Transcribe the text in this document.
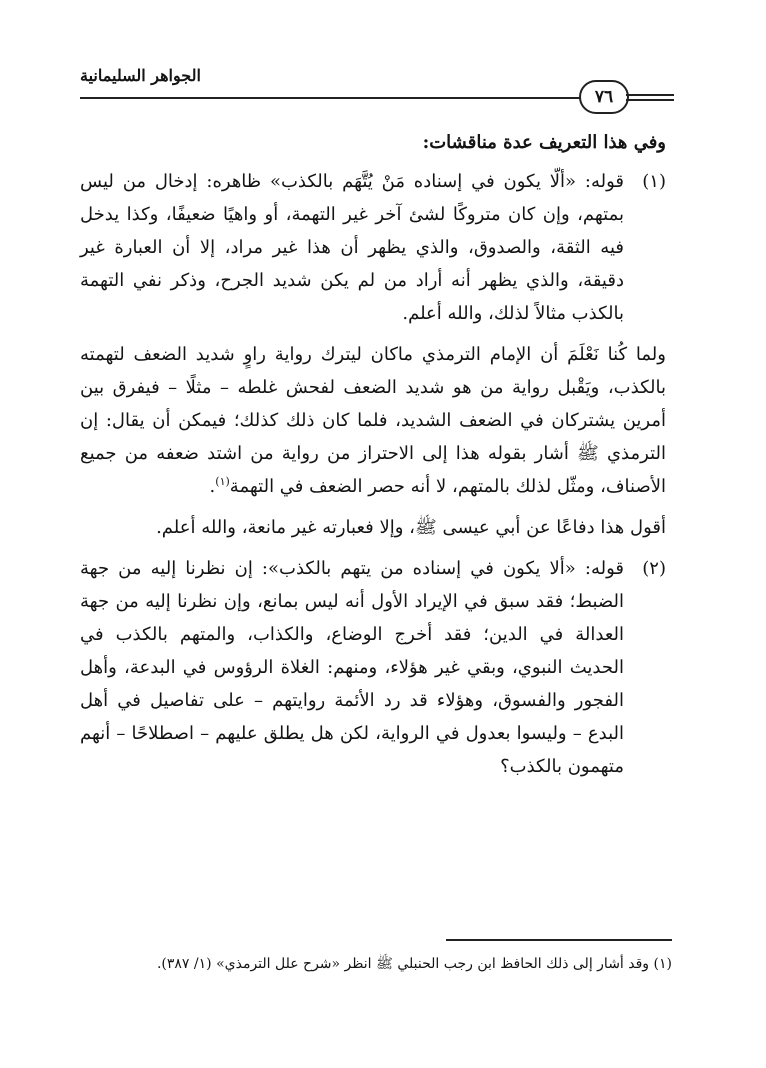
الجواهر السليمانية
٧٦

وفي هذا التعريف عدة مناقشات:

(١)
قوله: «ألّا يكون في إسناده مَنْ يُتَّهَم بالكذب» ظاهره: إدخال من ليس بمتهم، وإن كان متروكًا لشئ آخر غير التهمة، أو واهيًا ضعيفًا، وكذا يدخل فيه الثقة، والصدوق، والذي يظهر أن هذا غير مراد، إلا أن العبارة غير دقيقة، والذي يظهر أنه أراد من لم يكن شديد الجرح، وذكر نفي التهمة بالكذب مثالاً لذلك، والله أعلم.

ولما كُنا نَعْلَمَ أن الإمام الترمذي ماكان ليترك رواية راوٍ شديد الضعف لتهمته بالكذب، ويَقْبل رواية من هو شديد الضعف لفحش غلطه – مثلًا – فيفرق بين أمرين يشتركان في الضعف الشديد، فلما كان ذلك كذلك؛ فيمكن أن يقال: إن الترمذي ﷺ أشار بقوله هذا إلى الاحتراز من رواية من اشتد ضعفه من جميع الأصناف، ومثّل لذلك بالمتهم، لا أنه حصر الضعف في التهمة$^{(١)}$.

أقول هذا دفاعًا عن أبي عيسى ﷺ، وإلا فعبارته غير مانعة، والله أعلم.

(٢)
قوله: «ألا يكون في إسناده من يتهم بالكذب»: إن نظرنا إليه من جهة الضبط؛ فقد سبق في الإيراد الأول أنه ليس بمانع، وإن نظرنا إليه من جهة العدالة في الدين؛ فقد أخرج الوضاع، والكذاب، والمتهم بالكذب في الحديث النبوي، وبقي غير هؤلاء، ومنهم: الغلاة الرؤوس في البدعة، وأهل الفجور والفسوق، وهؤلاء قد رد الأئمة روايتهم – على تفاصيل في أهل البدع – وليسوا بعدول في الرواية، لكن هل يطلق عليهم – اصطلاحًا – أنهم متهمون بالكذب؟
(١) وقد أشار إلى ذلك الحافظ ابن رجب الحنبلي ﷺ انظر «شرح علل الترمذي» (١/ ٣٨٧).
